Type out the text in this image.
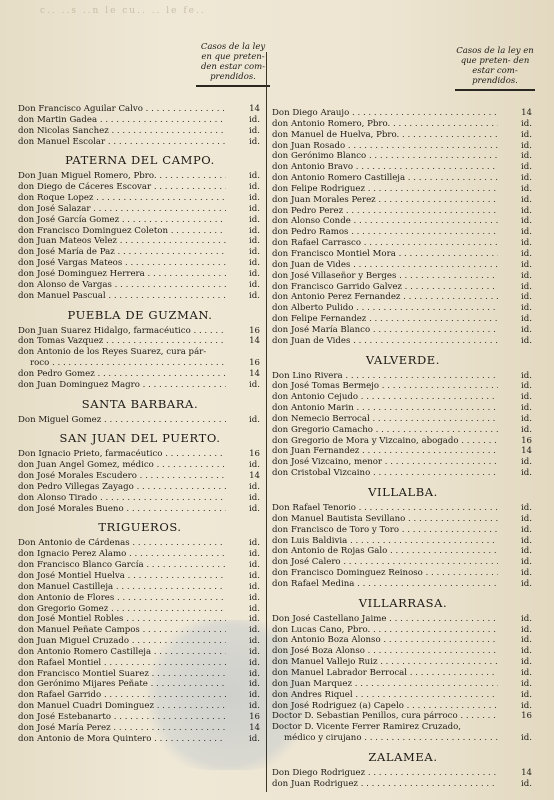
c.. ..s ..n le cu.. .. le fe..
Casos de la ley en que preten- den estar com- prendidos.
Casos de la ley en que preten- den estar com- prendidos.
Don Francisco Aguilar Calvo . . .	14
don Martin Gadea . . .	id.
don Nicolas Sanchez . . .	id.
don Manuel Escolar . . .	id.
PATERNA DEL CAMPO.
Don Juan Miguel Romero, Pbro. . . .	id.
don Diego de Cáceres Escovar . . .	id.
don Roque Lopez . . .	id.
don José Salazar . . .	id.
don José García Gomez . . .	id.
don Francisco Dominguez Coleton . . .	id.
don Juan Mateos Velez . . .	id.
don José María de Paz . . .	id.
don José Vargas Mateos . . .	id.
don José Dominguez Herrera . . .	id.
don Alonso de Vargas . . .	id.
don Manuel Pascual . . .	id.
PUEBLA DE GUZMAN.
Don Juan Suarez Hidalgo, farmacéutico . . .	16
don Tomas Vazquez . . .	14
don Antonio de los Reyes Suarez, cura pár-
roco . . .	16
don Pedro Gomez . . .	14
don Juan Dominguez Magro . . .	id.
SANTA BARBARA.
Don Miguel Gomez . . .	id.
SAN JUAN DEL PUERTO.
Don Ignacio Prieto, farmacéutico . . .	16
don Juan Angel Gomez, médico . . .	id.
don José Morales Escudero . . .	14
don Pedro Villegas Zayago . . .	id.
don Alonso Tirado . . .	id.
don José Morales Bueno . . .	id.
TRIGUEROS.
Don Antonio de Cárdenas . . .	id.
don Ignacio Perez Alamo . . .	id.
don Francisco Blanco García . . .	id.
don José Montiel Huelva . . .	id.
don Manuel Castilleja . . .	id.
don Antonio de Flores . . .	id.
don Gregorio Gomez . . .	id.
don José Montiel Robles . . .	id.
don Manuel Peñate Campos . . .	id.
don Juan Miguel Cruzado . . .	id.
don Antonio Romero Castilleja . . .	id.
don Rafael Montiel . . .	id.
don Francisco Montiel Suarez . . .	id.
don Gerónimo Mijares Peñate . . .	id.
don Rafael Garrido . . .	id.
don Manuel Cuadri Dominguez . . .	id.
don José Estebanarto . . .	16
don José María Perez . . .	14
don Antonio de Mora Quintero . . .	id.
Don Diego Araujo . . .	14
don Antonio Romero, Pbro. . . .	id.
don Manuel de Huelva, Pbro. . . .	id.
don Juan Rosado . . .	id.
don Gerónimo Blanco . . .	id.
don Antonio Bravo . . .	id.
don Antonio Romero Castilleja . . .	id.
don Felipe Rodriguez . . .	id.
don Juan Morales Perez . . .	id.
don Pedro Perez . . .	id.
don Alonso Conde . . .	id.
don Pedro Ramos . . .	id.
don Rafael Carrasco . . .	id.
don Francisco Montiel Mora . . .	id.
don Juan de Vides . . .	id.
don José Villaseñor y Berges . . .	id.
don Francisco Garrido Galvez . . .	id.
don Antonio Perez Fernandez . . .	id.
don Alberto Pulido . . .	id.
don Felipe Fernandez . . .	id.
don José María Blanco . . .	id.
don Juan de Vides . . .	id.
VALVERDE.
Don Lino Rivera . . .	id.
don José Tomas Bermejo . . .	id.
don Antonio Cejudo . . .	id.
don Antonio Marin . . .	id.
don Nemecio Berrocal . . .	id.
don Gregorio Camacho . . .	id.
don Gregorio de Mora y Vizcaino, abogado . . .	16
don Juan Fernandez . . .	14
don José Vizcaino, menor . . .	id.
don Cristobal Vizcaino . . .	id.
VILLALBA.
Don Rafael Tenorio . . .	id.
don Manuel Bautista Sevillano . . .	id.
don Francisco de Toro y Toro . . .	id.
don Luis Baldivia . . .	id.
don Antonio de Rojas Galo . . .	id.
don José Calero . . .	id.
don Francisco Dominguez Reinoso . . .	id.
don Rafael Medina . . .	id.
VILLARRASA.
Don José Castellano Jaime . . .	id.
don Lucas Cano, Pbro. . . .	id.
don Antonio Boza Alonso . . .	id.
don José Boza Alonso . . .	id.
don Manuel Vallejo Ruiz . . .	id.
don Manuel Labrador Berrocal . . .	id.
don Juan Marquez . . .	id.
don Andres Riquel . . .	id.
don José Rodriguez (a) Capelo . . .	id.
Doctor D. Sebastian Penillos, cura párroco . . .	16
Doctor D. Vicente Ferrer Ramirez Cruzado,
médico y cirujano . . .	id.
ZALAMEA.
Don Diego Rodriguez . . .	14
don Juan Rodriguez . . .	id.
